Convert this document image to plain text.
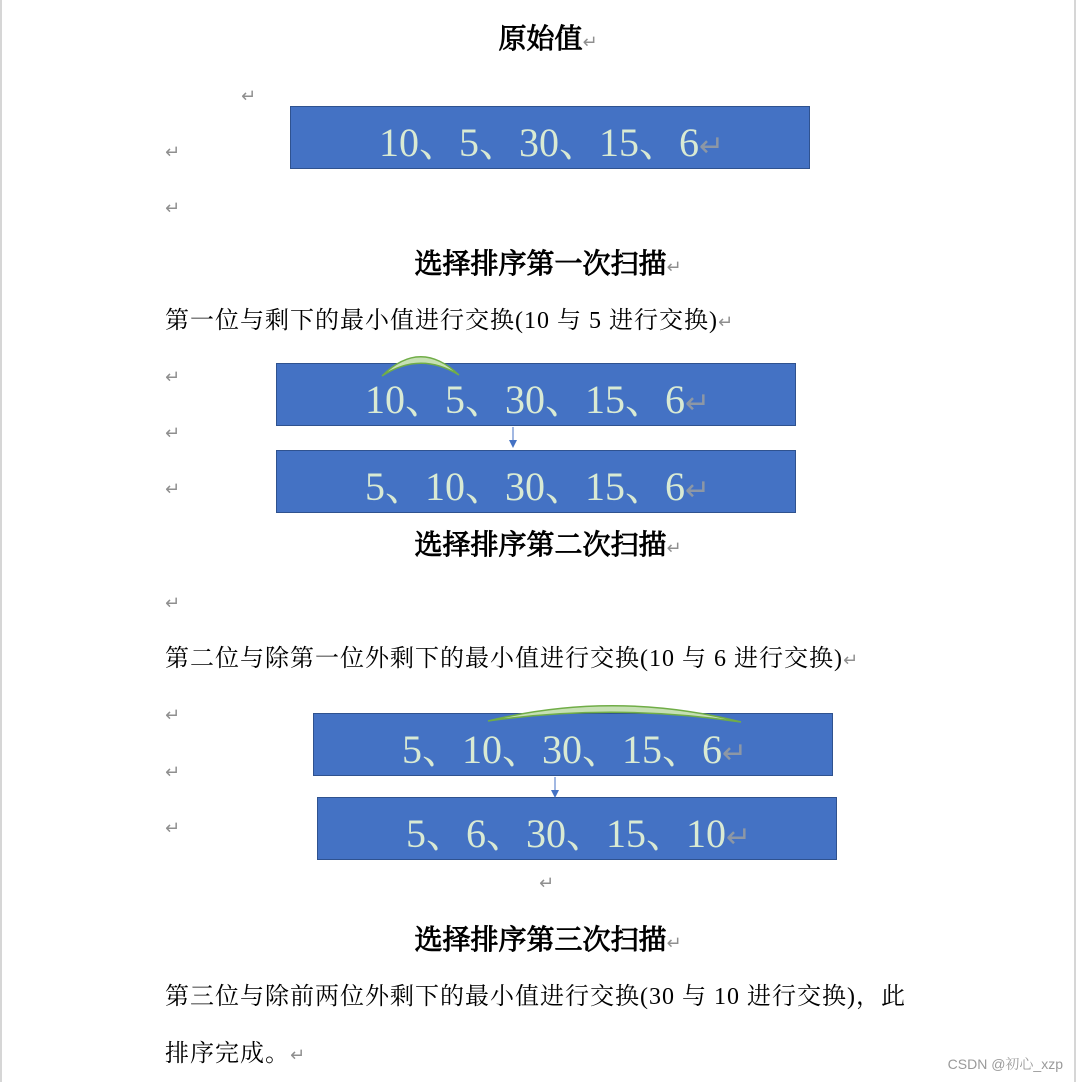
原始值↵
↵
↵
↵
10、5、30、15、6↵
选择排序第一次扫描↵
第一位与剩下的最小值进行交换(10 与 5 进行交换)↵
↵
↵
↵
10、5、30、15、6↵
5、10、30、15、6↵
选择排序第二次扫描↵
↵
第二位与除第一位外剩下的最小值进行交换(10 与 6 进行交换)↵
↵
↵
↵
5、10、30、15、6↵
5、6、30、15、10↵
↵
选择排序第三次扫描↵
第三位与除前两位外剩下的最小值进行交换(30 与 10 进行交换)，此
排序完成。↵	CSDN @初心_xzp
